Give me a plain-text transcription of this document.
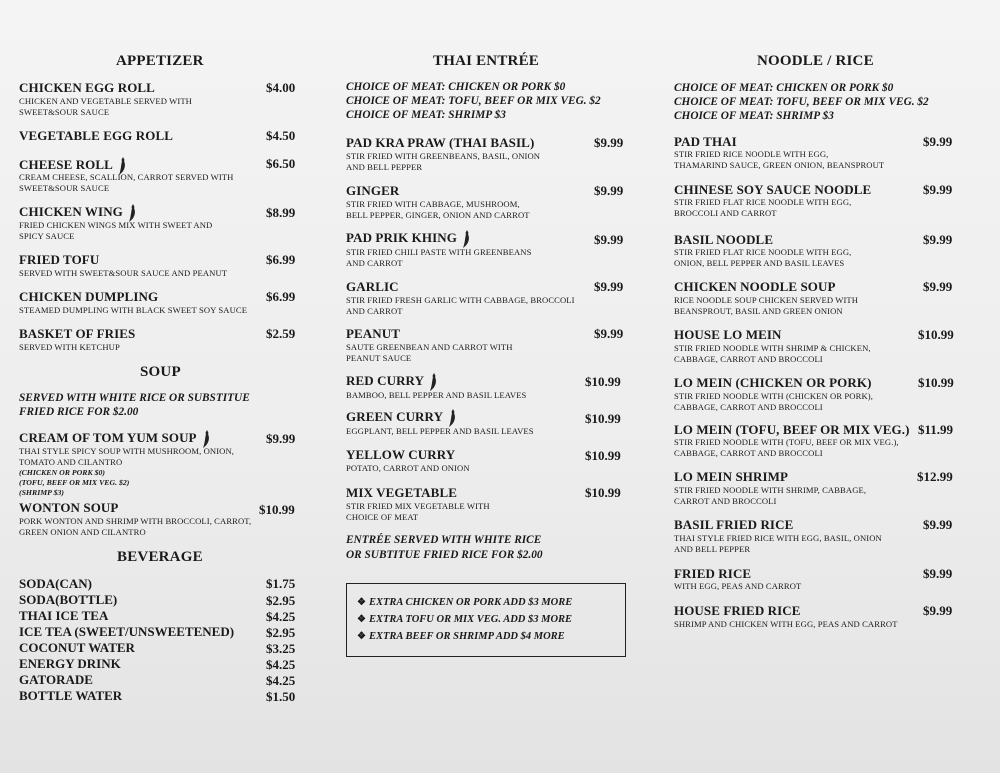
APPETIZER
CHICKEN EGG ROLL	$4.00
CHICKEN AND VEGETABLE SERVED WITH
SWEET&SOUR SAUCE
VEGETABLE EGG ROLL	$4.50
CHEESE ROLL	$6.50
CREAM CHEESE, SCALLION, CARROT SERVED WITH
SWEET&SOUR SAUCE
CHICKEN WING	$8.99
FRIED CHICKEN WINGS MIX WITH SWEET AND
SPICY SAUCE
FRIED TOFU	$6.99
SERVED WITH SWEET&SOUR SAUCE AND PEANUT
CHICKEN DUMPLING	$6.99
STEAMED DUMPLING WITH BLACK SWEET SOY SAUCE
BASKET OF FRIES	$2.59
SERVED WITH KETCHUP
SOUP
SERVED WITH WHITE RICE OR SUBSTITUE
FRIED RICE FOR $2.00
CREAM OF TOM YUM SOUP	$9.99
THAI STYLE SPICY SOUP WITH MUSHROOM, ONION,
TOMATO AND CILANTRO
(CHICKEN OR PORK $0)
(TOFU, BEEF OR MIX VEG. $2)
(SHRIMP $3)
WONTON SOUP	$10.99
PORK WONTON AND SHRIMP WITH BROCCOLI, CARROT,
GREEN ONION AND CILANTRO
BEVERAGE
SODA(CAN)	$1.75
SODA(BOTTLE)	$2.95
THAI ICE TEA	$4.25
ICE TEA (SWEET/UNSWEETENED) $2.95
COCONUT WATER	$3.25
ENERGY DRINK	$4.25
GATORADE	$4.25
BOTTLE WATER	$1.50
THAI ENTRÉE
CHOICE OF MEAT: CHICKEN OR PORK $0
CHOICE OF MEAT: TOFU, BEEF OR MIX VEG. $2
CHOICE OF MEAT: SHRIMP $3
PAD KRA PRAW (THAI BASIL)	$9.99
STIR FRIED WITH GREENBEANS, BASIL, ONION
AND BELL PEPPER
GINGER	$9.99
STIR FRIED WITH CABBAGE, MUSHROOM,
BELL PEPPER, GINGER, ONION AND CARROT
PAD PRIK KHING	$9.99
STIR FRIED CHILI PASTE WITH GREENBEANS
AND CARROT
GARLIC	$9.99
STIR FRIED FRESH GARLIC WITH CABBAGE, BROCCOLI
AND CARROT
PEANUT	$9.99
SAUTE GREENBEAN AND CARROT WITH
PEANUT SAUCE
RED CURRY	$10.99
BAMBOO, BELL PEPPER AND BASIL LEAVES
GREEN CURRY	$10.99
EGGPLANT, BELL PEPPER AND BASIL LEAVES
YELLOW CURRY	$10.99
POTATO, CARROT AND ONION
MIX VEGETABLE	$10.99
STIR FRIED MIX VEGETABLE WITH
CHOICE OF MEAT
ENTRÉE SERVED WITH WHITE RICE
OR SUBTITUE FRIED RICE FOR $2.00
❖ EXTRA CHICKEN OR PORK ADD $3 MORE
❖ EXTRA TOFU OR MIX VEG. ADD $3 MORE
❖ EXTRA BEEF OR SHRIMP ADD $4 MORE
NOODLE / RICE
CHOICE OF MEAT: CHICKEN OR PORK $0
CHOICE OF MEAT: TOFU, BEEF OR MIX VEG. $2
CHOICE OF MEAT: SHRIMP $3
PAD THAI	$9.99
STIR FRIED RICE NOODLE WITH EGG,
THAMARIND SAUCE, GREEN ONION, BEANSPROUT
CHINESE SOY SAUCE NOODLE	$9.99
STIR FRIED FLAT RICE NOODLE WITH EGG,
BROCCOLI AND CARROT
BASIL NOODLE	$9.99
STIR FRIED FLAT RICE NOODLE WITH EGG,
ONION, BELL PEPPER AND BASIL LEAVES
CHICKEN NOODLE SOUP	$9.99
RICE NOODLE SOUP CHICKEN SERVED WITH
BEANSPROUT, BASIL AND GREEN ONION
HOUSE LO MEIN	$10.99
STIR FRIED NOODLE WITH SHRIMP & CHICKEN,
CABBAGE, CARROT AND BROCCOLI
LO MEIN (CHICKEN OR PORK)	$10.99
STIR FRIED NOODLE WITH (CHICKEN OR PORK),
CABBAGE, CARROT AND BROCCOLI
LO MEIN (TOFU, BEEF OR MIX VEG.) $11.99
STIR FRIED NOODLE WITH (TOFU, BEEF OR MIX VEG.),
CABBAGE, CARROT AND BROCCOLI
LO MEIN SHRIMP	$12.99
STIR FRIED NOODLE WITH SHRIMP, CABBAGE,
CARROT AND BROCCOLI
BASIL FRIED RICE	$9.99
THAI STYLE FRIED RICE WITH EGG, BASIL, ONION
AND BELL PEPPER
FRIED RICE	$9.99
WITH EGG, PEAS AND CARROT
HOUSE FRIED RICE	$9.99
SHRIMP AND CHICKEN WITH EGG, PEAS AND CARROT
